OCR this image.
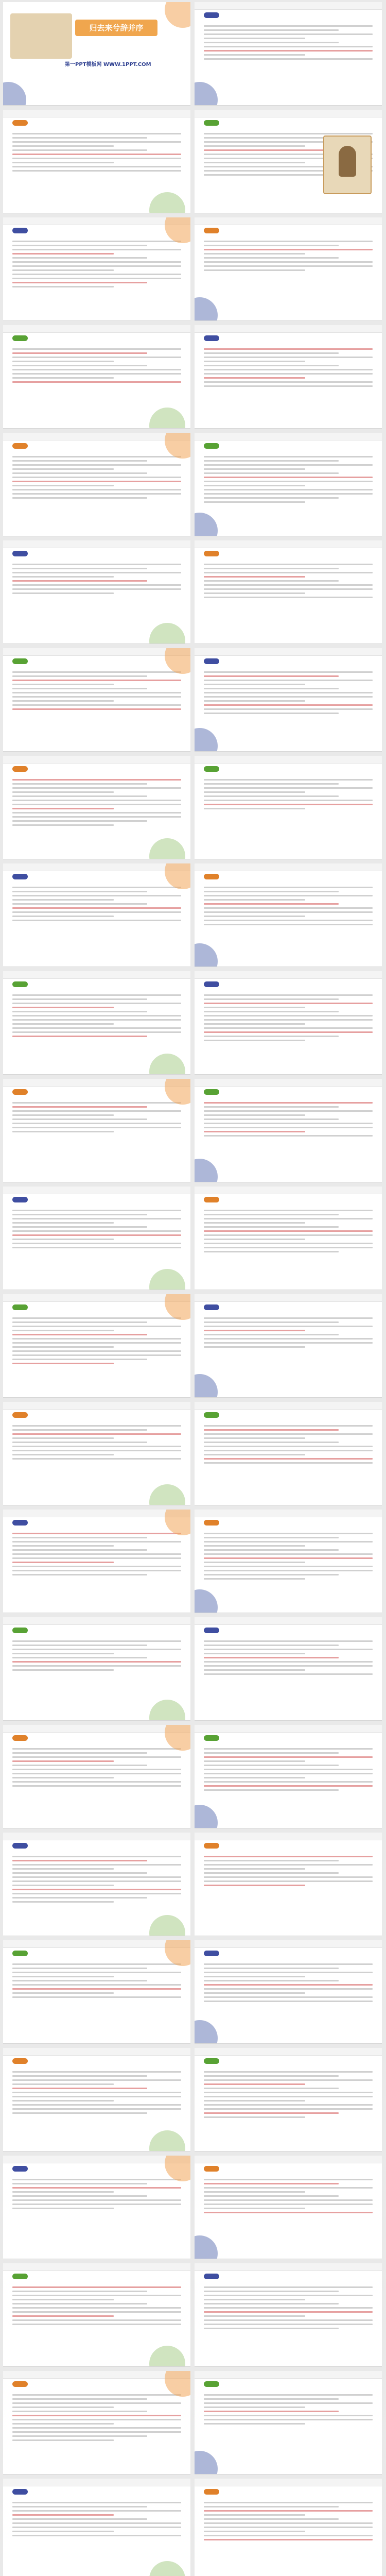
归去来兮辞并序
第一PPT模板网 WWW.1PPT.COM
